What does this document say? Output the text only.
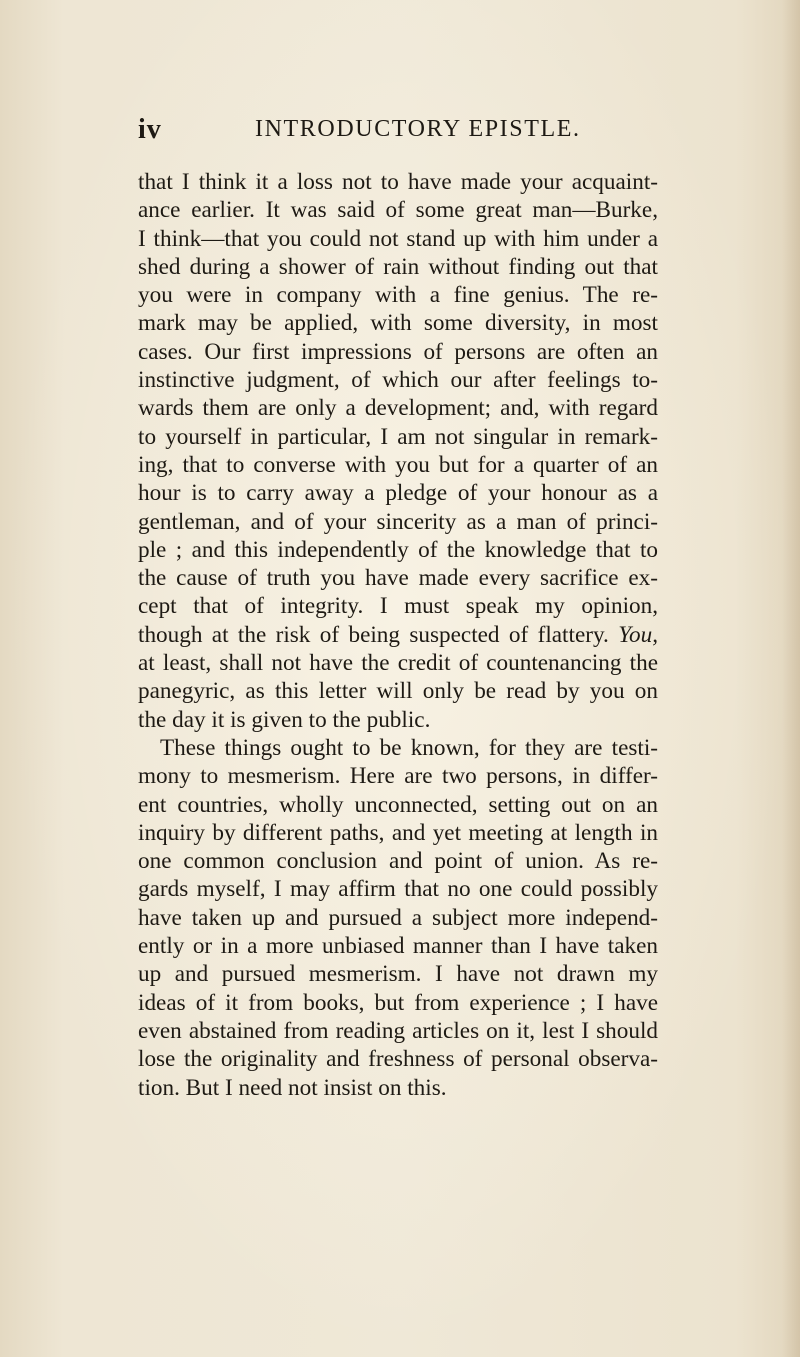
iv	INTRODUCTORY EPISTLE.
that I think it a loss not to have made your acquaint-
ance earlier. It was said of some great man—Burke,
I think—that you could not stand up with him under a
shed during a shower of rain without finding out that
you were in company with a fine genius. The re-
mark may be applied, with some diversity, in most
cases. Our first impressions of persons are often an
instinctive judgment, of which our after feelings to-
wards them are only a development; and, with regard
to yourself in particular, I am not singular in remark-
ing, that to converse with you but for a quarter of an
hour is to carry away a pledge of your honour as a
gentleman, and of your sincerity as a man of princi-
ple ; and this independently of the knowledge that to
the cause of truth you have made every sacrifice ex-
cept that of integrity. I must speak my opinion,
though at the risk of being suspected of flattery. You,
at least, shall not have the credit of countenancing the
panegyric, as this letter will only be read by you on
the day it is given to the public.
These things ought to be known, for they are testi-
mony to mesmerism. Here are two persons, in differ-
ent countries, wholly unconnected, setting out on an
inquiry by different paths, and yet meeting at length in
one common conclusion and point of union. As re-
gards myself, I may affirm that no one could possibly
have taken up and pursued a subject more independ-
ently or in a more unbiased manner than I have taken
up and pursued mesmerism. I have not drawn my
ideas of it from books, but from experience ; I have
even abstained from reading articles on it, lest I should
lose the originality and freshness of personal observa-
tion. But I need not insist on this.
